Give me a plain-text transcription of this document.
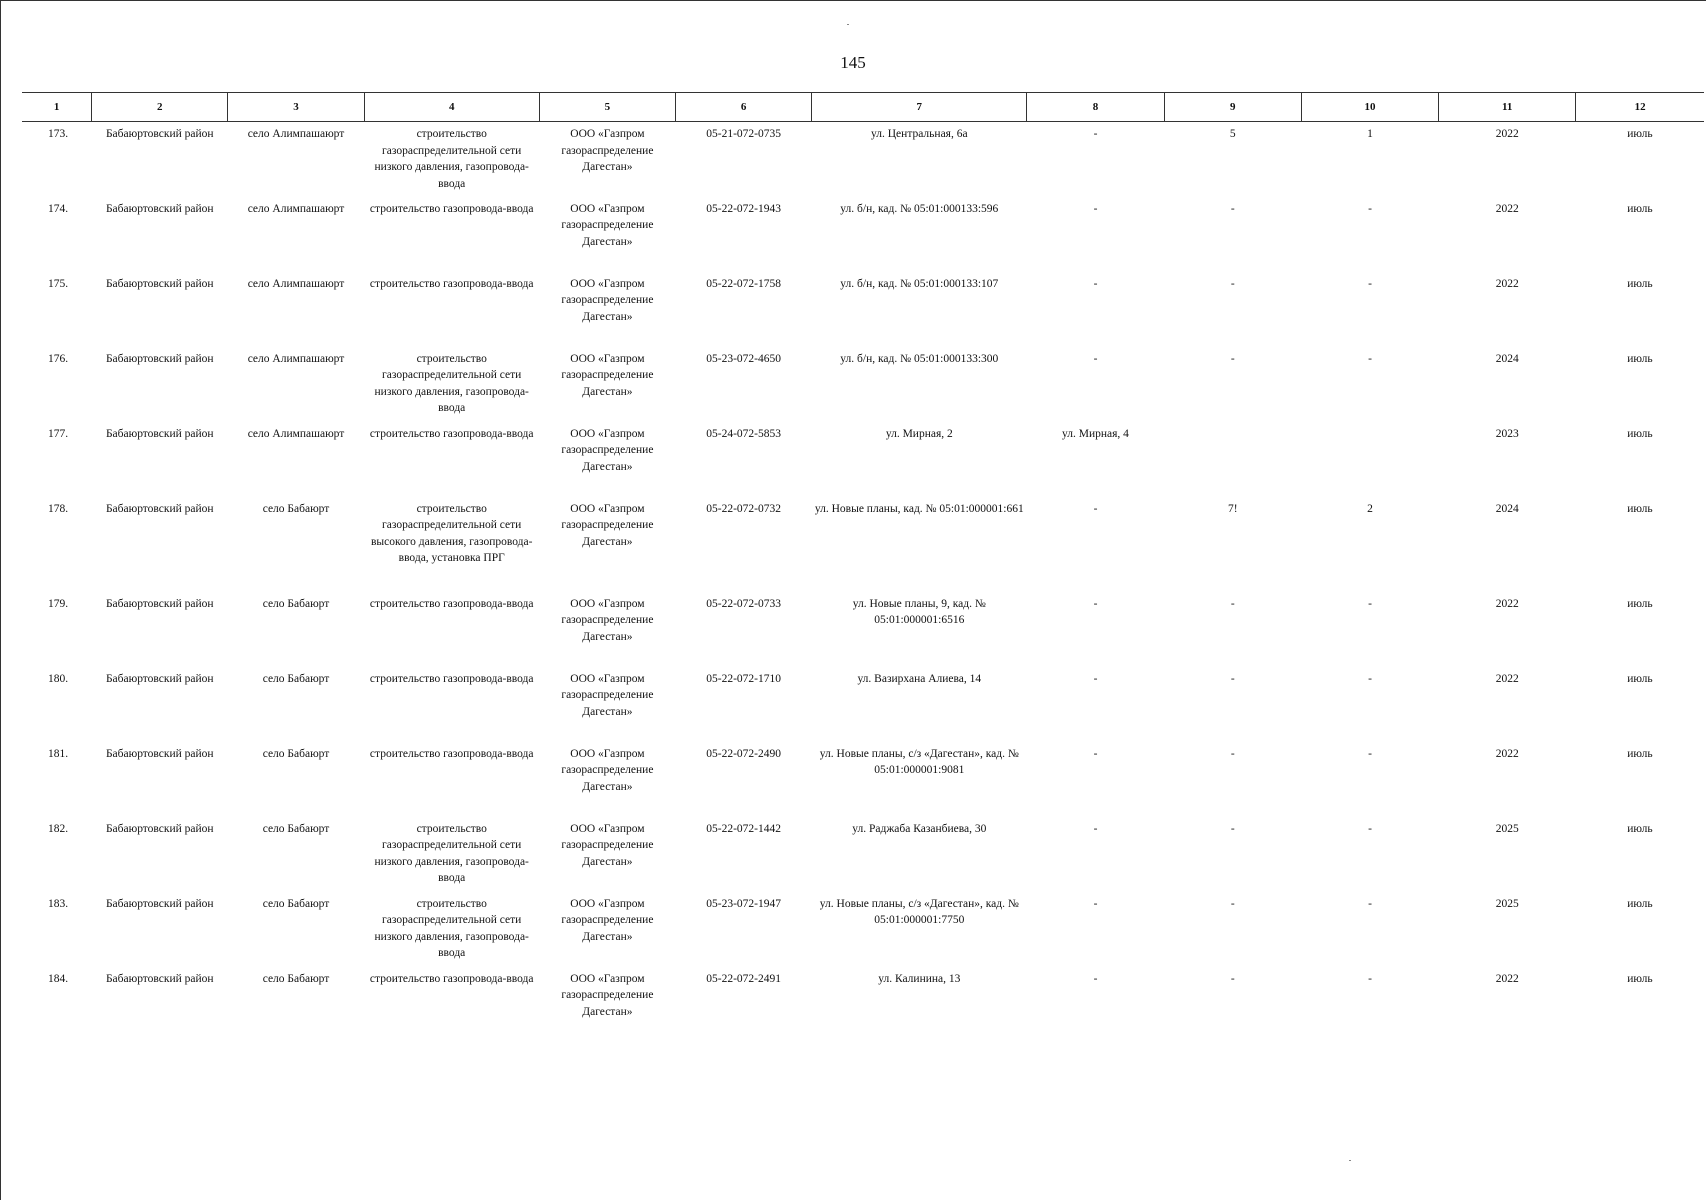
145
1	2	3	4	5	6	7	8	9	10	11	12
173.	Бабаюртовский район	село Алимпашаюрт	строительство газораспределительной сети низкого давления, газопровода-ввода	ООО «Газпром газораспределение Дагестан»	05-21-072-0735	ул. Центральная, 6а	-	5	1	2022	июль
174.	Бабаюртовский район	село Алимпашаюрт	строительство газопровода-ввода	ООО «Газпром газораспределение Дагестан»	05-22-072-1943	ул. б/н, кад. № 05:01:000133:596	-	-	-	2022	июль
175.	Бабаюртовский район	село Алимпашаюрт	строительство газопровода-ввода	ООО «Газпром газораспределение Дагестан»	05-22-072-1758	ул. б/н, кад. № 05:01:000133:107	-	-	-	2022	июль
176.	Бабаюртовский район	село Алимпашаюрт	строительство газораспределительной сети низкого давления, газопровода-ввода	ООО «Газпром газораспределение Дагестан»	05-23-072-4650	ул. б/н, кад. № 05:01:000133:300	-	-	-	2024	июль
177.	Бабаюртовский район	село Алимпашаюрт	строительство газопровода-ввода	ООО «Газпром газораспределение Дагестан»	05-24-072-5853	ул. Мирная, 2	ул. Мирная, 4			2023	июль
178.	Бабаюртовский район	село Бабаюрт	строительство газораспределительной сети высокого давления, газопровода-ввода, установка ПРГ	ООО «Газпром газораспределение Дагестан»	05-22-072-0732	ул. Новые планы, кад. № 05:01:000001:661	-	7!	2	2024	июль
179.	Бабаюртовский район	село Бабаюрт	строительство газопровода-ввода	ООО «Газпром газораспределение Дагестан»	05-22-072-0733	ул. Новые планы, 9, кад. № 05:01:000001:6516	-	-	-	2022	июль
180.	Бабаюртовский район	село Бабаюрт	строительство газопровода-ввода	ООО «Газпром газораспределение Дагестан»	05-22-072-1710	ул. Вазирхана Алиева, 14	-	-	-	2022	июль
181.	Бабаюртовский район	село Бабаюрт	строительство газопровода-ввода	ООО «Газпром газораспределение Дагестан»	05-22-072-2490	ул. Новые планы, с/з «Дагестан», кад. № 05:01:000001:9081	-	-	-	2022	июль
182.	Бабаюртовский район	село Бабаюрт	строительство газораспределительной сети низкого давления, газопровода-ввода	ООО «Газпром газораспределение Дагестан»	05-22-072-1442	ул. Раджаба Казанбиева, 30	-	-	-	2025	июль
183.	Бабаюртовский район	село Бабаюрт	строительство газораспределительной сети низкого давления, газопровода-ввода	ООО «Газпром газораспределение Дагестан»	05-23-072-1947	ул. Новые планы, с/з «Дагестан», кад. № 05:01:000001:7750	-	-	-	2025	июль
184.	Бабаюртовский район	село Бабаюрт	строительство газопровода-ввода	ООО «Газпром газораспределение Дагестан»	05-22-072-2491	ул. Калинина, 13	-	-	-	2022	июль
